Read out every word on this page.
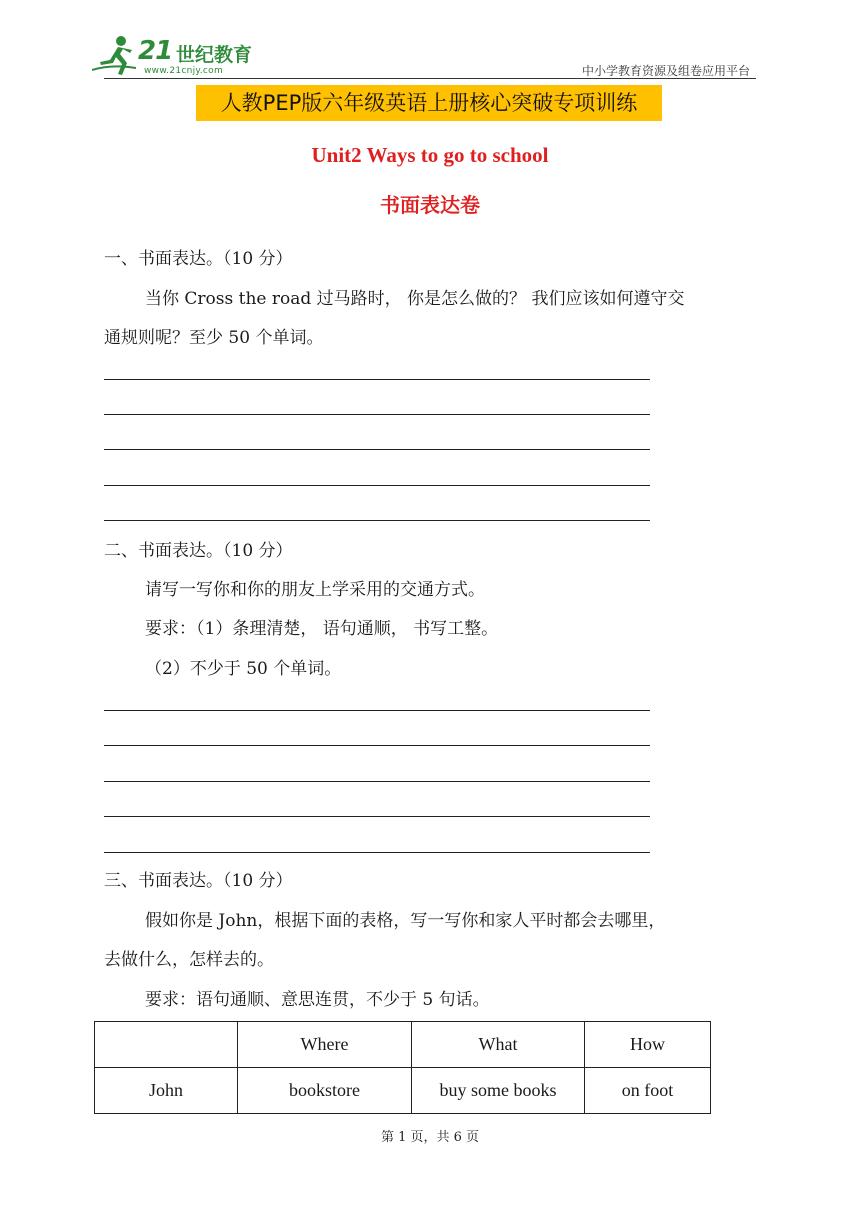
21 世纪教育
www.21cnjy.com	中小学教育资源及组卷应用平台
人教PEP版六年级英语上册核心突破专项训练
Unit2 Ways to go to school
书面表达卷
一、书面表达。（10 分）
当你 Cross the road 过马路时， 你是怎么做的？ 我们应该如何遵守交
通规则呢？至少 50 个单词。
二、书面表达。（10 分）
请写一写你和你的朋友上学采用的交通方式。
要求：（1）条理清楚， 语句通顺， 书写工整。
（2）不少于 50 个单词。
三、书面表达。（10 分）
假如你是 John，根据下面的表格，写一写你和家人平时都会去哪里，
去做什么，怎样去的。
要求：语句通顺、意思连贯，不少于 5 句话。
	Where	What	How
John	bookstore	buy some books	on foot
第 1 页，共 6 页
